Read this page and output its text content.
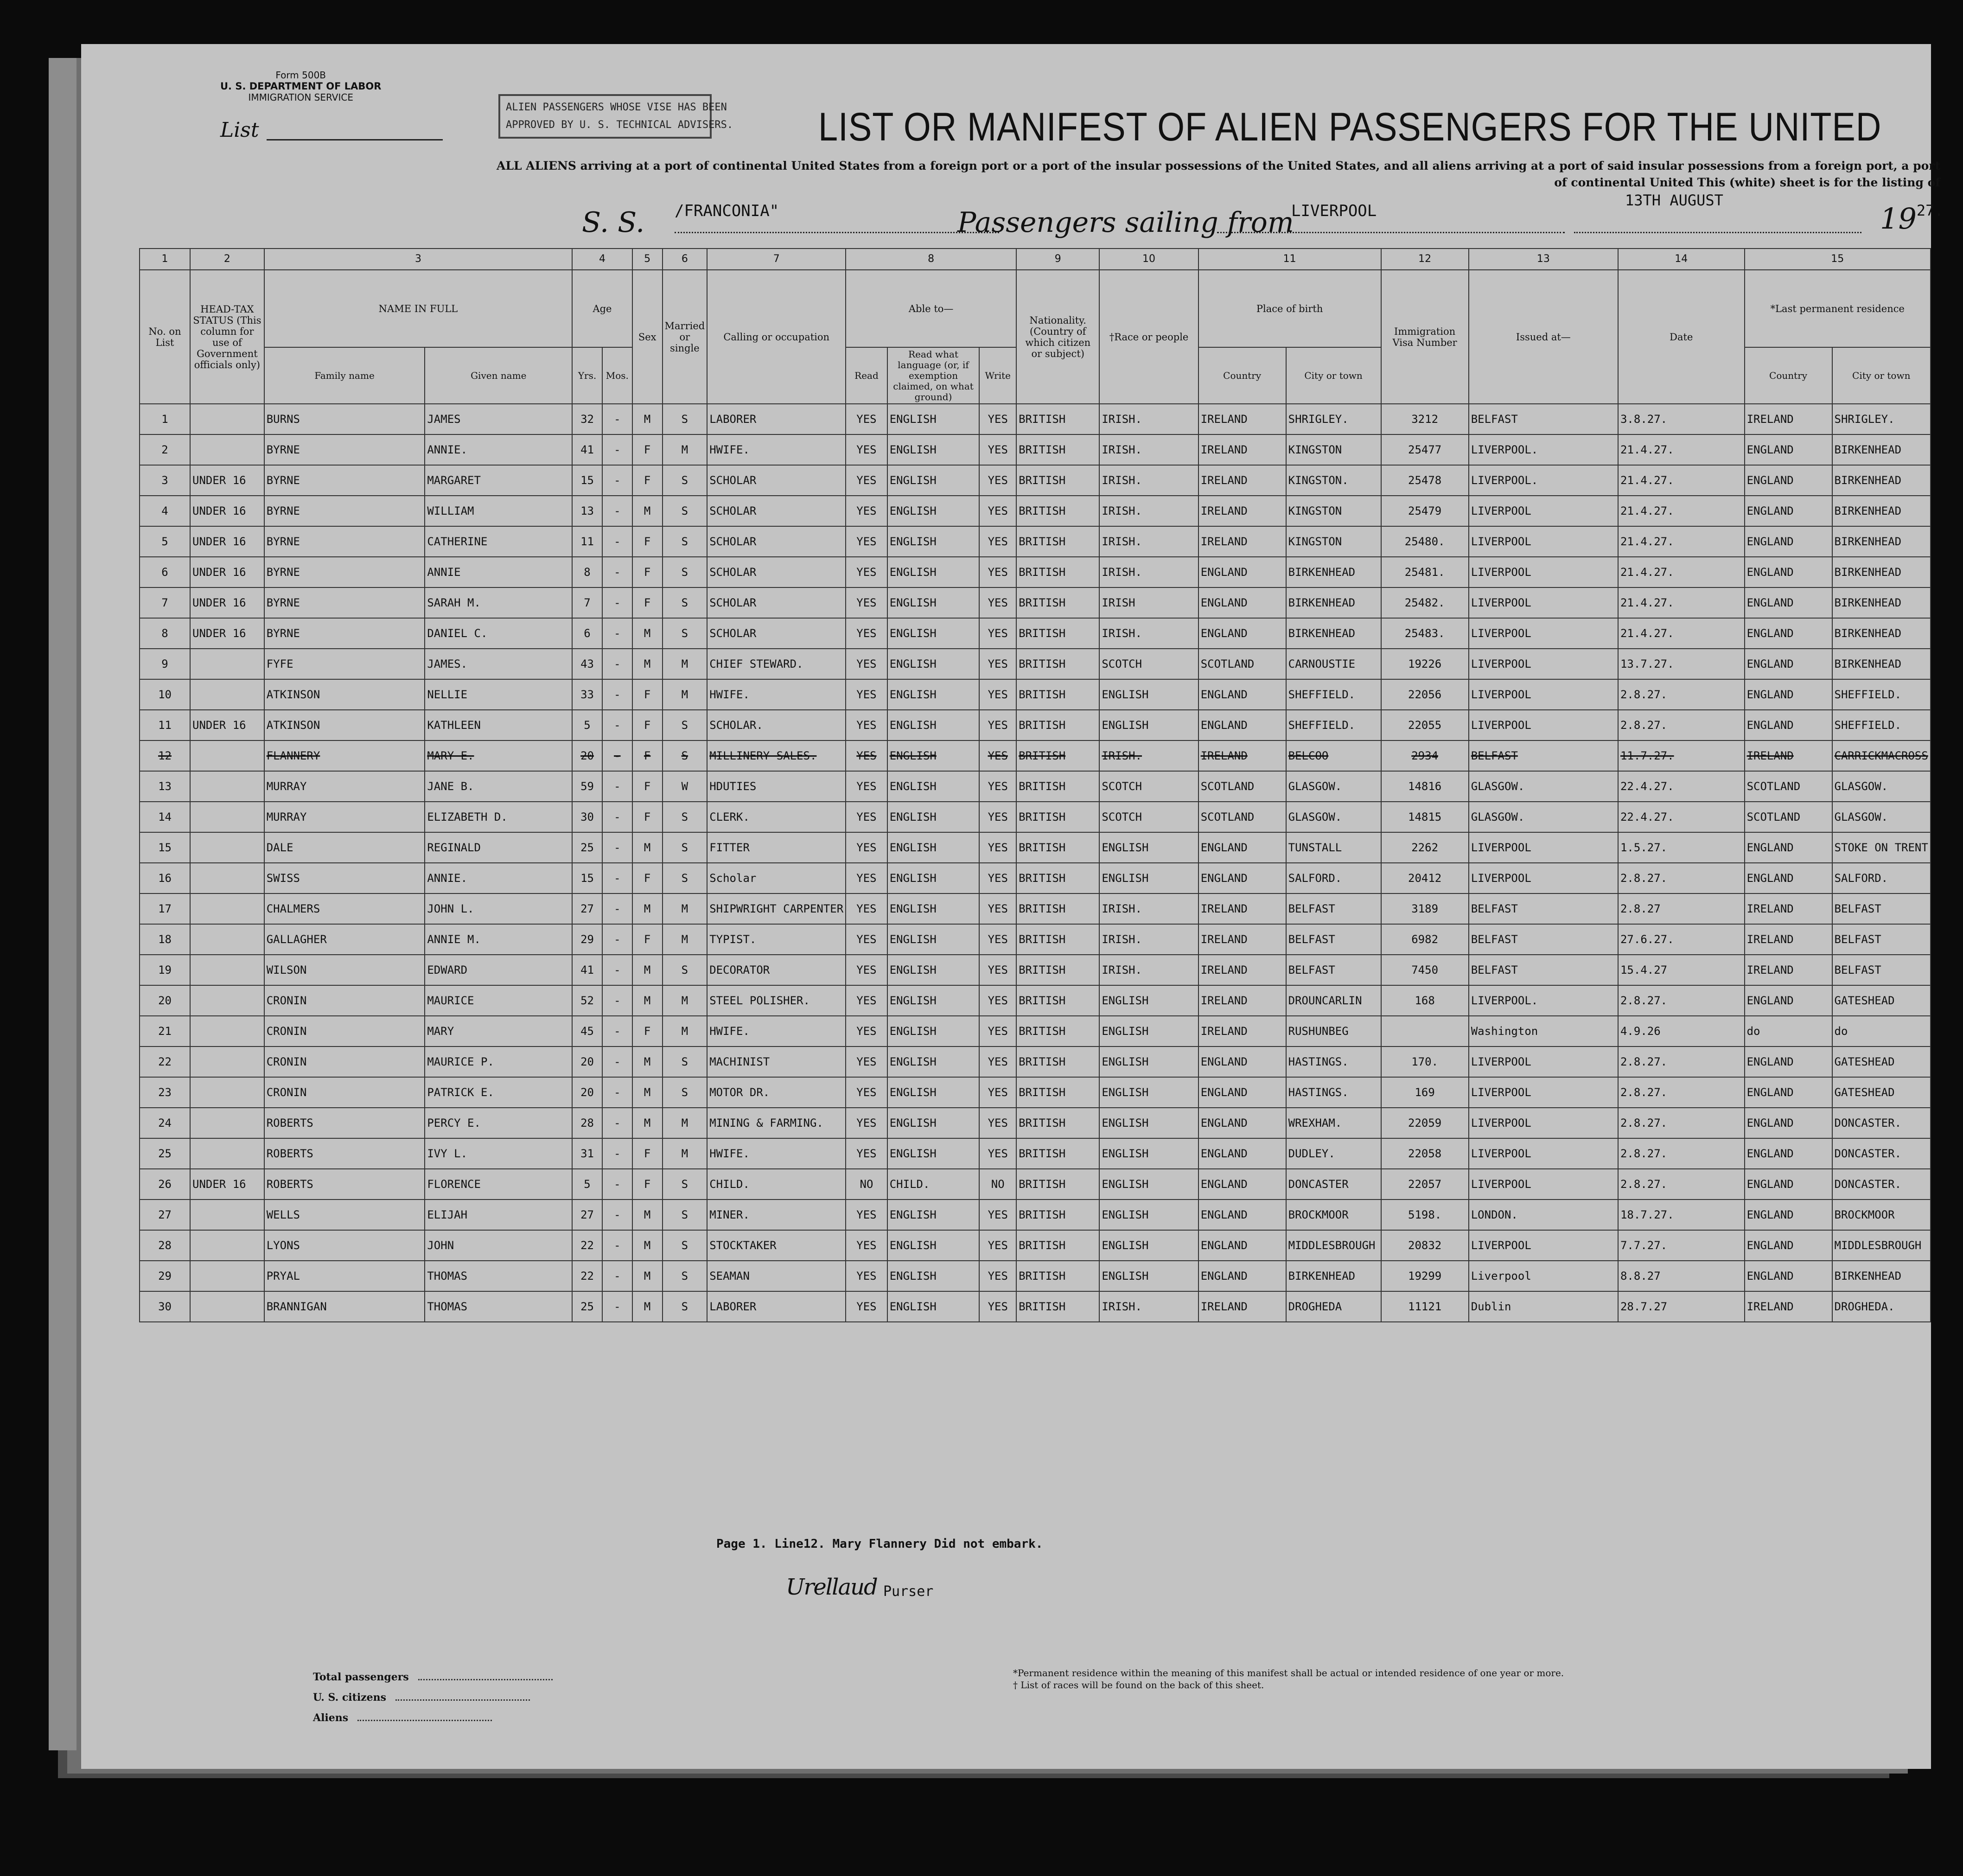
Form 500B
U. S. DEPARTMENT OF LABOR
IMMIGRATION SERVICE
ALIEN PASSENGERS WHOSE VISE HAS BEEN
APPROVED BY U. S. TECHNICAL ADVISERS.
List	LIST OR MANIFEST OF ALIEN PASSENGERS FOR THE UNITED
ALL ALIENS arriving at a port of continental United States from a foreign port or a port of the insular possessions of the United States, and all aliens arriving at a port of said insular possessions from a foreign port, a port of continental United This (white) sheet is for the listing of
S. S. /FRANCONIA"	Passengers sailing from
LIVERPOOL
13TH AUGUST
$19^{27.}$
1	2	3		4		5	6	7	8			9	10	11		12	13	14	15	
No. on List	HEAD-TAX STATUS (This column for use of Government officials only)	NAME IN FULL		Age		Sex	Married or single	Calling or occupation	Able to—			Nationality. (Country of which citizen or subject)	†Race or people	Place of birth		Immigration Visa Number	Issued at—	Date	*Last permanent residence	
		Family name	Given name	Yrs.	Mos.				Read	Read what language (or, if exemption claimed, on what ground)	Write			Country	City or town				Country	City or town
1		BURNS	JAMES	32	-	M	S	LABORER	YES	ENGLISH	YES	BRITISH	IRISH.	IRELAND	SHRIGLEY.	3212	BELFAST	3.8.27.	IRELAND	SHRIGLEY.
2		BYRNE	ANNIE.	41	-	F	M	HWIFE.	YES	ENGLISH	YES	BRITISH	IRISH.	IRELAND	KINGSTON	25477	LIVERPOOL.	21.4.27.	ENGLAND	BIRKENHEAD
3	UNDER 16	BYRNE	MARGARET	15	-	F	S	SCHOLAR	YES	ENGLISH	YES	BRITISH	IRISH.	IRELAND	KINGSTON.	25478	LIVERPOOL.	21.4.27.	ENGLAND	BIRKENHEAD
4	UNDER 16	BYRNE	WILLIAM	13	-	M	S	SCHOLAR	YES	ENGLISH	YES	BRITISH	IRISH.	IRELAND	KINGSTON	25479	LIVERPOOL	21.4.27.	ENGLAND	BIRKENHEAD
5	UNDER 16	BYRNE	CATHERINE	11	-	F	S	SCHOLAR	YES	ENGLISH	YES	BRITISH	IRISH.	IRELAND	KINGSTON	25480.	LIVERPOOL	21.4.27.	ENGLAND	BIRKENHEAD
6	UNDER 16	BYRNE	ANNIE	8	-	F	S	SCHOLAR	YES	ENGLISH	YES	BRITISH	IRISH.	ENGLAND	BIRKENHEAD	25481.	LIVERPOOL	21.4.27.	ENGLAND	BIRKENHEAD
7	UNDER 16	BYRNE	SARAH M.	7	-	F	S	SCHOLAR	YES	ENGLISH	YES	BRITISH	IRISH	ENGLAND	BIRKENHEAD	25482.	LIVERPOOL	21.4.27.	ENGLAND	BIRKENHEAD
8	UNDER 16	BYRNE	DANIEL C.	6	-	M	S	SCHOLAR	YES	ENGLISH	YES	BRITISH	IRISH.	ENGLAND	BIRKENHEAD	25483.	LIVERPOOL	21.4.27.	ENGLAND	BIRKENHEAD
9		FYFE	JAMES.	43	-	M	M	CHIEF STEWARD.	YES	ENGLISH	YES	BRITISH	SCOTCH	SCOTLAND	CARNOUSTIE	19226	LIVERPOOL	13.7.27.	ENGLAND	BIRKENHEAD
10		ATKINSON	NELLIE	33	-	F	M	HWIFE.	YES	ENGLISH	YES	BRITISH	ENGLISH	ENGLAND	SHEFFIELD.	22056	LIVERPOOL	2.8.27.	ENGLAND	SHEFFIELD.
11	UNDER 16	ATKINSON	KATHLEEN	5	-	F	S	SCHOLAR.	YES	ENGLISH	YES	BRITISH	ENGLISH	ENGLAND	SHEFFIELD.	22055	LIVERPOOL	2.8.27.	ENGLAND	SHEFFIELD.
12		FLANNERY	MARY E.	20	-	F	S	MILLINERY SALES.	YES	ENGLISH	YES	BRITISH	IRISH.	IRELAND	BELCOO	2934	BELFAST	11.7.27.	IRELAND	CARRICKMACROSS
13		MURRAY	JANE B.	59	-	F	W	HDUTIES	YES	ENGLISH	YES	BRITISH	SCOTCH	SCOTLAND	GLASGOW.	14816	GLASGOW.	22.4.27.	SCOTLAND	GLASGOW.
14		MURRAY	ELIZABETH D.	30	-	F	S	CLERK.	YES	ENGLISH	YES	BRITISH	SCOTCH	SCOTLAND	GLASGOW.	14815	GLASGOW.	22.4.27.	SCOTLAND	GLASGOW.
15		DALE	REGINALD	25	-	M	S	FITTER	YES	ENGLISH	YES	BRITISH	ENGLISH	ENGLAND	TUNSTALL	2262	LIVERPOOL	1.5.27.	ENGLAND	STOKE ON TRENT
16		SWISS	ANNIE.	15	-	F	S	Scholar	YES	ENGLISH	YES	BRITISH	ENGLISH	ENGLAND	SALFORD.	20412	LIVERPOOL	2.8.27.	ENGLAND	SALFORD.
17		CHALMERS	JOHN L.	27	-	M	M	SHIPWRIGHT CARPENTER	YES	ENGLISH	YES	BRITISH	IRISH.	IRELAND	BELFAST	3189	BELFAST	2.8.27	IRELAND	BELFAST
18		GALLAGHER	ANNIE M.	29	-	F	M	TYPIST.	YES	ENGLISH	YES	BRITISH	IRISH.	IRELAND	BELFAST	6982	BELFAST	27.6.27.	IRELAND	BELFAST
19		WILSON	EDWARD	41	-	M	S	DECORATOR	YES	ENGLISH	YES	BRITISH	IRISH.	IRELAND	BELFAST	7450	BELFAST	15.4.27	IRELAND	BELFAST
20		CRONIN	MAURICE	52	-	M	M	STEEL POLISHER.	YES	ENGLISH	YES	BRITISH	ENGLISH	IRELAND	DROUNCARLIN	168	LIVERPOOL.	2.8.27.	ENGLAND	GATESHEAD
21		CRONIN	MARY	45	-	F	M	HWIFE.	YES	ENGLISH	YES	BRITISH	ENGLISH	IRELAND	RUSHUNBEG		Washington	4.9.26	do	do
22		CRONIN	MAURICE P.	20	-	M	S	MACHINIST	YES	ENGLISH	YES	BRITISH	ENGLISH	ENGLAND	HASTINGS.	170.	LIVERPOOL	2.8.27.	ENGLAND	GATESHEAD
23		CRONIN	PATRICK E.	20	-	M	S	MOTOR DR.	YES	ENGLISH	YES	BRITISH	ENGLISH	ENGLAND	HASTINGS.	169	LIVERPOOL	2.8.27.	ENGLAND	GATESHEAD
24		ROBERTS	PERCY E.	28	-	M	M	MINING & FARMING.	YES	ENGLISH	YES	BRITISH	ENGLISH	ENGLAND	WREXHAM.	22059	LIVERPOOL	2.8.27.	ENGLAND	DONCASTER.
25		ROBERTS	IVY L.	31	-	F	M	HWIFE.	YES	ENGLISH	YES	BRITISH	ENGLISH	ENGLAND	DUDLEY.	22058	LIVERPOOL	2.8.27.	ENGLAND	DONCASTER.
26	UNDER 16	ROBERTS	FLORENCE	5	-	F	S	CHILD.	NO	CHILD.	NO	BRITISH	ENGLISH	ENGLAND	DONCASTER	22057	LIVERPOOL	2.8.27.	ENGLAND	DONCASTER.
27		WELLS	ELIJAH	27	-	M	S	MINER.	YES	ENGLISH	YES	BRITISH	ENGLISH	ENGLAND	BROCKMOOR	5198.	LONDON.	18.7.27.	ENGLAND	BROCKMOOR
28		LYONS	JOHN	22	-	M	S	STOCKTAKER	YES	ENGLISH	YES	BRITISH	ENGLISH	ENGLAND	MIDDLESBROUGH	20832	LIVERPOOL	7.7.27.	ENGLAND	MIDDLESBROUGH
29		PRYAL	THOMAS	22	-	M	S	SEAMAN	YES	ENGLISH	YES	BRITISH	ENGLISH	ENGLAND	BIRKENHEAD	19299	Liverpool	8.8.27	ENGLAND	BIRKENHEAD
30		BRANNIGAN	THOMAS	25	-	M	S	LABORER	YES	ENGLISH	YES	BRITISH	IRISH.	IRELAND	DROGHEDA	11121	Dublin	28.7.27	IRELAND	DROGHEDA.
Page 1. Line12. Mary Flannery Did not embark.
Urellaud Purser
Total passengers
U. S. citizens
Aliens
*Permanent residence within the meaning of this manifest shall be actual or intended residence of one year or more.
† List of races will be found on the back of this sheet.
